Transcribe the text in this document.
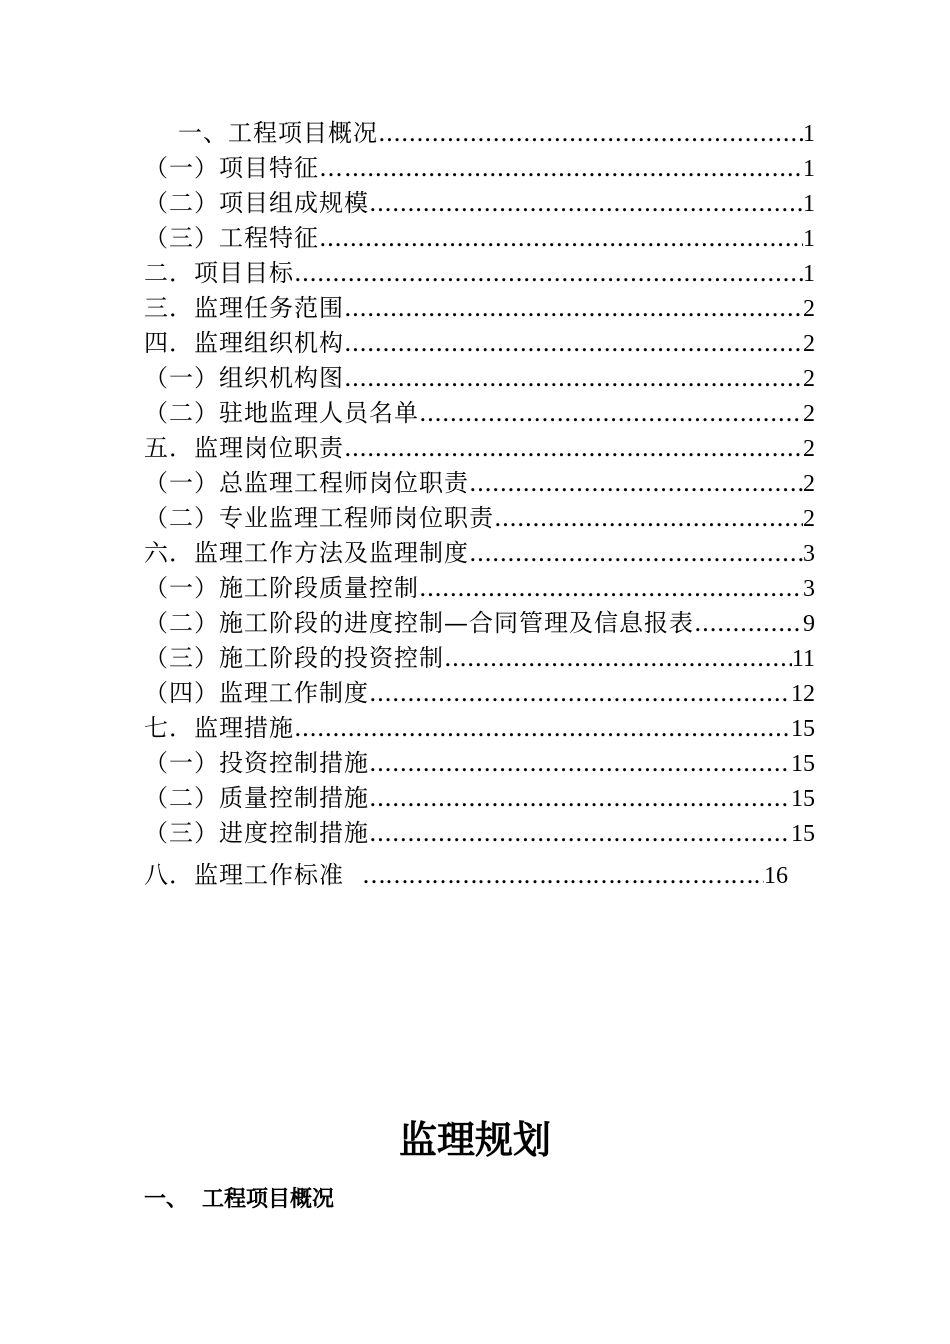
一、工程项目概况 .....	1
（一）项目特征… .....	1
（二）项目组成规模 .....	1
（三）工程特征 .....	1
二．项目目标 .....	1
三．监理任务范围 .....	2
四．监理组织机构 .....	2
（一）组织机构图 .....	2
（二）驻地监理人员名单 .....	2
五．监理岗位职责 .....	2
（一）总监理工程师岗位职责 .....	2
（二）专业监理工程师岗位职责 .....	2
六．监理工作方法及监理制度 .....	3
（一）施工阶段质量控制 .....	3
（二）施工阶段的进度控制—合同管理及信息报表 .....	9
（三）施工阶段的投资控制 .....	11
（四）监理工作制度 .....	12
七．监理措施 .....	15
（一）投资控制措施 .....	15
（二）质量控制措施 .....	15
（三）进度控制措施 .....	15
八．监理工作标准 ……………………………………………………………………………………………………	16
监理规划
一、 工程项目概况
